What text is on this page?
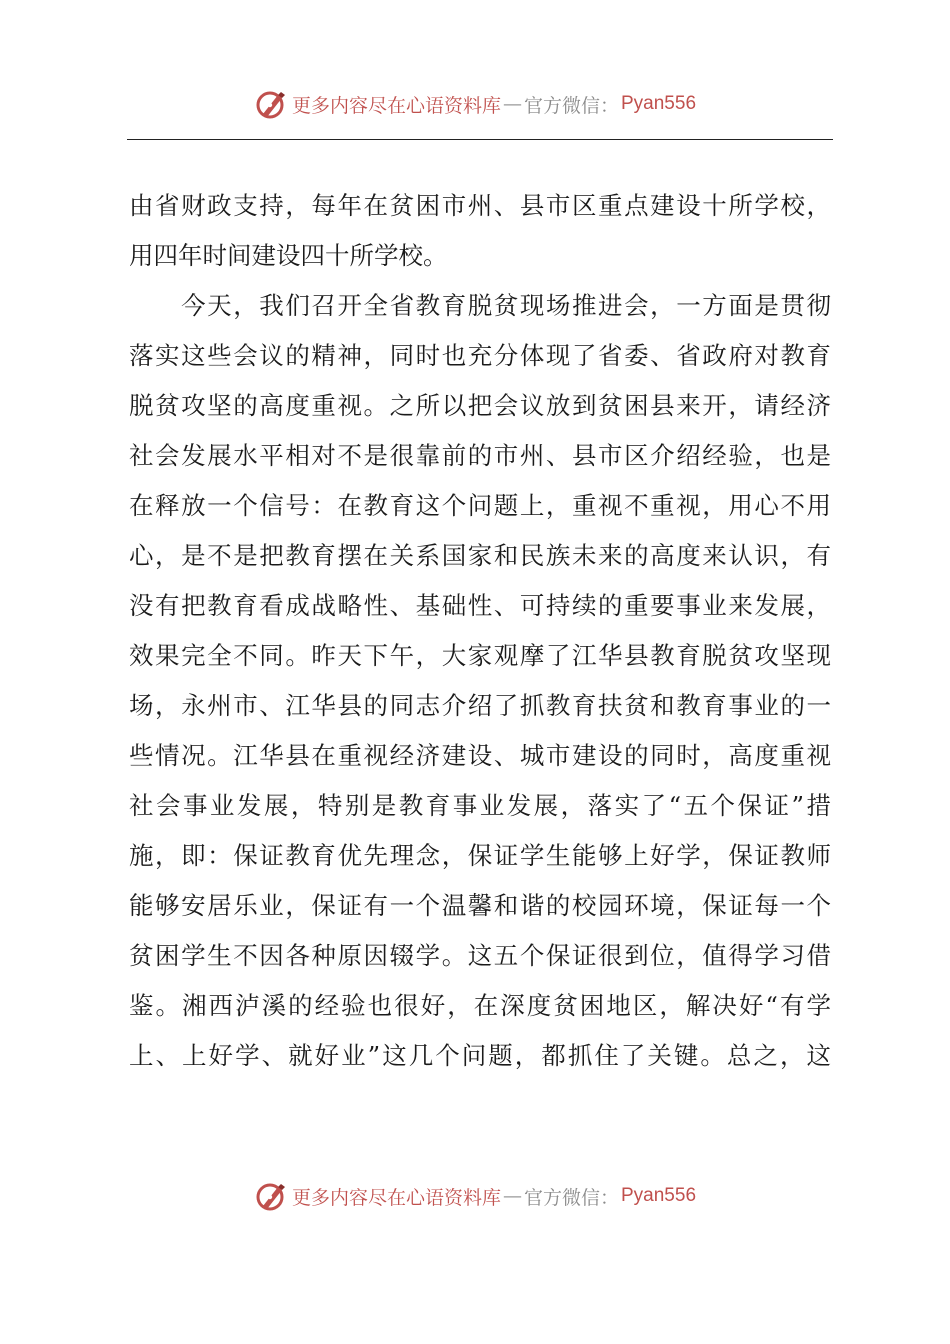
更多内容尽在心语资料库 — 官方微信： Pyan556
由省财政支持，每年在贫困市州、县市区重点建设十所学校，
用四年时间建设四十所学校。
　　今天，我们召开全省教育脱贫现场推进会，一方面是贯彻
落实这些会议的精神，同时也充分体现了省委、省政府对教育
脱贫攻坚的高度重视。之所以把会议放到贫困县来开，请经济
社会发展水平相对不是很靠前的市州、县市区介绍经验，也是
在释放一个信号：在教育这个问题上，重视不重视，用心不用
心，是不是把教育摆在关系国家和民族未来的高度来认识，有
没有把教育看成战略性、基础性、可持续的重要事业来发展，
效果完全不同。昨天下午，大家观摩了江华县教育脱贫攻坚现
场，永州市、江华县的同志介绍了抓教育扶贫和教育事业的一
些情况。江华县在重视经济建设、城市建设的同时，高度重视
社会事业发展，特别是教育事业发展，落实了“五个保证”措
施，即：保证教育优先理念，保证学生能够上好学，保证教师
能够安居乐业，保证有一个温馨和谐的校园环境，保证每一个
贫困学生不因各种原因辍学。这五个保证很到位，值得学习借
鉴。湘西泸溪的经验也很好，在深度贫困地区，解决好“有学
上、上好学、就好业”这几个问题，都抓住了关键。总之，这
更多内容尽在心语资料库 — 官方微信： Pyan556
